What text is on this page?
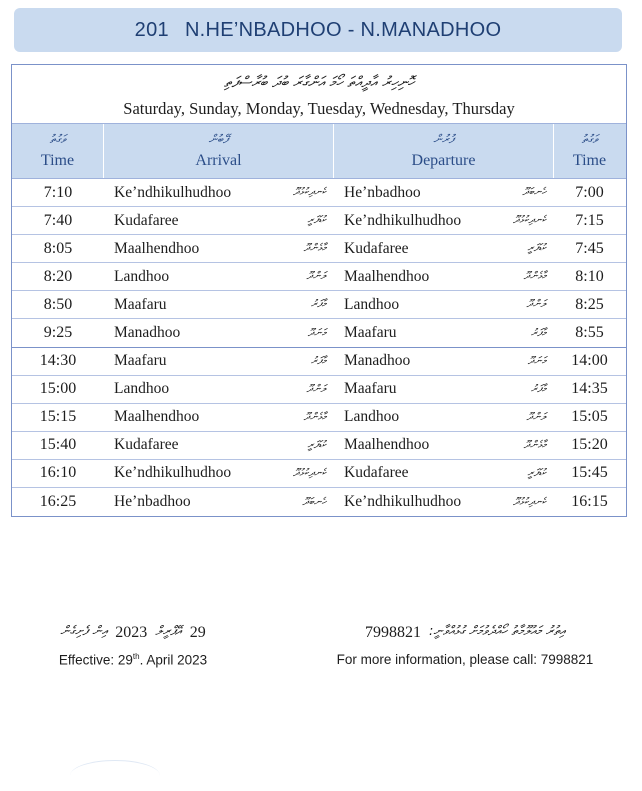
201 N.HE’NBADHOO - N.MANADHOO
ހޮނިހިރު އާދީއްތަ ހޯމަ އަންގާރަ ބުދަ ބުރާސްފަތި
Saturday, Sunday, Monday, Tuesday, Wednesday, Thursday
ވަގުތު
Time
ފޭބުން
Arrival
ފުރުން
Departure
ވަގުތު
Time
7:10	Ke’ndhikulhudhoo	ކެނދިކުޅުދޫ He’nbadhoo	ހެނބަދޫ	7:00
7:40	Kudafaree	ކުޑަފަރީ Ke’ndhikulhudhoo	ކެނދިކުޅުދޫ	7:15
8:05	Maalhendhoo	މާޅެންދޫ Kudafaree	ކުޑަފަރީ	7:45
8:20	Landhoo	ލަންދޫ Maalhendhoo	މާޅެންދޫ	8:10
8:50	Maafaru	މާފަރު Landhoo	ލަންދޫ	8:25
9:25	Manadhoo	މަނަދޫ Maafaru	މާފަރު	8:55
14:30	Maafaru	މާފަރު Manadhoo	މަނަދޫ	14:00
15:00	Landhoo	ލަންދޫ Maafaru	މާފަރު	14:35
15:15	Maalhendhoo	މާޅެންދޫ Landhoo	ލަންދޫ	15:05
15:40	Kudafaree	ކުޑަފަރީ Maalhendhoo	މާޅެންދޫ	15:20
16:10	Ke’ndhikulhudhoo	ކެނދިކުޅުދޫ Kudafaree	ކުޑަފަރީ	15:45
16:25	He’nbadhoo	ހެނބަދޫ Ke’ndhikulhudhoo	ކެނދިކުޅުދޫ	16:15
އިން ފެށިގެން 2023 އޭޕްރީލް 29
Effective: 29th. April 2023
7998821 އިތުރު މައުލޫމާތު ހޯއްދެވުމަށް ގުޅުއްވާނީ:
For more information, please call: 7998821
